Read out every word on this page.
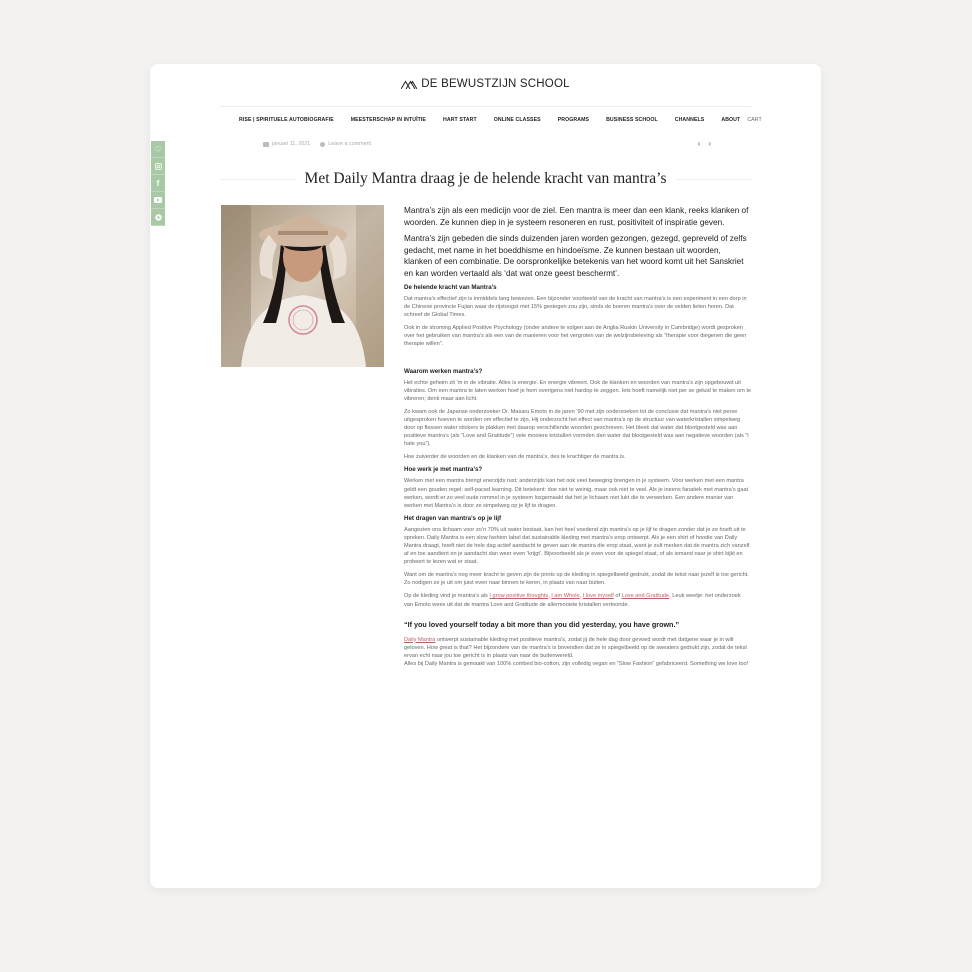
DE BEWUSTZIJN SCHOOL
RISE | SPIRITUELE AUTOBIOGRAFIE	MEESTERSCHAP IN INTUÏTIE	HART START	ONLINE CLASSES	PROGRAMS	BUSINESS SCHOOL	CHANNELS	ABOUT CART
januari 11, 2021	Leave a comment	‹ ›
Met Daily Mantra draag je de helende kracht van mantra’s

Mantra’s zijn als een medicijn voor de ziel. Een mantra is meer dan een klank, reeks klanken of woorden. Ze kunnen diep in je systeem resoneren en rust, positiviteit of inspiratie geven.

Mantra’s zijn gebeden die sinds duizenden jaren worden gezongen, gezegd, gepreveld of zelfs gedacht, met name in het boeddhisme en hindoeïsme. Ze kunnen bestaan uit woorden, klanken of een combinatie. De oorspronkelijke betekenis van het woord komt uit het Sanskriet en kan worden vertaald als ‘dat wat onze geest beschermt’.

De helende kracht van Mantra’s

Dat mantra’s effectief zijn is inmiddels lang bewezen. Een bijzonder voorbeeld van de kracht van mantra’s is een experiment in een dorp in de Chinese provincie Fujian waar de rijstoogst met 15% gestegen zou zijn, sinds de boeren mantra’s over de velden lieten horen. Dat schreef de Global Times.

Ook in de stroming Applied Positive Psychology (onder andere te volgen aan de Anglia Ruskin University in Cambridge) wordt gesproken over het gebruiken van mantra’s als een van de manieren voor het vergroten van de welzijnsbeleving als “therapie voor diegenen die geen therapie willen”.

Waarom werken mantra’s?

Het echte geheim zit ‘m in de vibratie. Alles is energie. En energie vibreert. Ook de klanken en woorden van mantra’s zijn opgebouwd uit vibraties. Om een mantra te laten werken hoef je hem overigens niet hardop te zeggen. Iets hoeft namelijk niet per se geluid te maken om te vibreren; denk maar aan licht.

Zo kwam ook de Japanse onderzoeker Dr. Masaru Emoto in de jaren ’90 met zijn onderzoeken tot de conclusie dat mantra’s niet perse uitgesproken hoeven te worden om effectief te zijn. Hij onderzocht het effect van mantra’s op de structuur van waterkristallen simpelweg door op flessen water stickers te plakken met daarop verschillende woorden geschreven. Het bleek dat water dat blootgesteld was aan positieve mantra’s (als “Love and Gratitude”) vele mooiere kristallen vormden dan water dat blootgesteld was aan negatieve woorden (als “I hate you”).

Hoe zuiverder de woorden en de klanken van de mantra’s, des te krachtiger de mantra is.

Hoe werk je met mantra’s?

Werken met een mantra brengt enerzijds rust; anderzijds kan het ook veel beweging brengen in je systeem. Voor werken met een mantra geldt een gouden regel: self-paced learning. Dit betekent: doe niet te weinig, maar ook niet te veel. Als je ineens fanatiek met mantra’s gaat werken, wordt er zo veel oude rommel in je systeem losgemaakt dat het je lichaam niet lukt die te verwerken. Een andere manier van werken met Mantra’s is door ze simpelweg op je lijf te dragen.

Het dragen van mantra’s op je lijf

Aangezien ons lichaam voor zo’n 70% uit water bestaat, kan het heel voedend zijn mantra’s op je lijf te dragen zonder dat je ze hoeft uit te spreken. Daily Mantra is een slow fashion label dat sustainable kleding met mantra’s erop ontwerpt. Als je een shirt of hoodie van Daily Mantra draagt, hoeft niet de hele dag actief aandacht te geven aan de mantra die erop staat, want je zult merken dat de mantra zich vanzelf af en toe aandient en je aandacht dan weer even ‘krijgt’. Bijvoorbeeld als je even voor de spiegel staat, of als iemand naar je shirt kijkt en probeert te lezen wat er staat.

Want om de mantra’s nog meer kracht te geven zijn de prints op de kleding in spiegelbeeld gedrukt, zodat de tekst naar jezelf is toe gericht. Zo nodigen ze je uit om juist even naar binnen te keren, in plaats van naar buiten.

Op de kleding vind je mantra’s als I grow positive thoughts, I am Whole, I love myself of Love and Gratitude. Leuk weetje: het onderzoek van Emoto wees uit dat de mantra Love and Gratitude de allermooiste kristallen vertoonde.

“If you loved yourself today a bit more than you did yesterday, you have grown.”

Daily Mantra ontwerpt sustainable kleding met positieve mantra’s, zodat jij de hele dag door gevoed wordt met datgene waar je in wilt geloven. How great is that? Het bijzondere van de mantra’s is bovendien dat ze in spiegelbeeld op de sweaters gedrukt zijn, zodat de tekst ervan echt naar jou toe gericht is in plaats van naar de buitenwereld.

Alles bij Daily Mantra is gemaakt van 100% combed bio-cotton, zijn volledig vegan en “Slow Fashion” gefabriceerd. Something we love too!

♡
f
